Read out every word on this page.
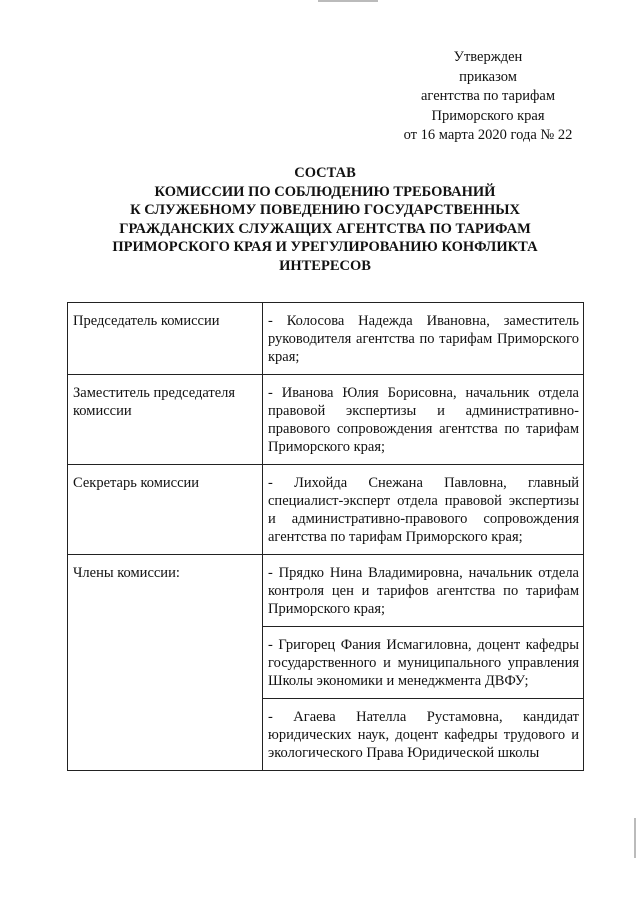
Утвержден
приказом
агентства по тарифам
Приморского края
от 16 марта 2020 года № 22
СОСТАВ
КОМИССИИ ПО СОБЛЮДЕНИЮ ТРЕБОВАНИЙ
К СЛУЖЕБНОМУ ПОВЕДЕНИЮ ГОСУДАРСТВЕННЫХ
ГРАЖДАНСКИХ СЛУЖАЩИХ АГЕНТСТВА ПО ТАРИФАМ
ПРИМОРСКОГО КРАЯ И УРЕГУЛИРОВАНИЮ КОНФЛИКТА
ИНТЕРЕСОВ
Председатель комиссии	- Колосова Надежда Ивановна, заместитель руководителя агентства по тарифам Приморского края;
Заместитель председателя комиссии	- Иванова Юлия Борисовна, начальник отдела правовой экспертизы и административно-правового сопровождения агентства по тарифам Приморского края;
Секретарь комиссии	- Лихойда Снежана Павловна, главный специалист-эксперт отдела правовой экспертизы и административно-правового сопровождения агентства по тарифам Приморского края;
Члены комиссии:	- Прядко Нина Владимировна, начальник отдела контроля цен и тарифов агентства по тарифам Приморского края;
	- Григорец Фания Исмагиловна, доцент кафедры государственного и муниципального управления Школы экономики и менеджмента ДВФУ;
	- Агаева Нателла Рустамовна, кандидат юридических наук, доцент кафедры трудового и экологического Права Юридической школы
